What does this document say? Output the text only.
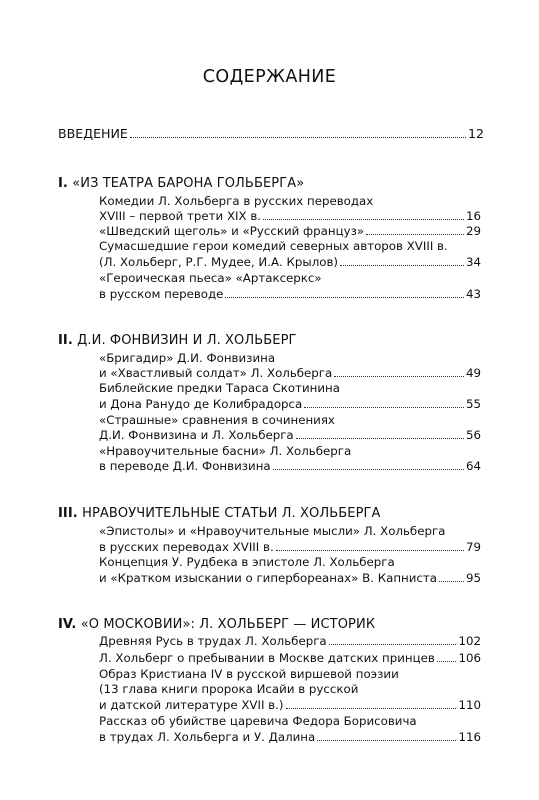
СОДЕРЖАНИЕ
ВВЕДЕНИЕ	12
I. «ИЗ ТЕАТРА БАРОНА ГОЛЬБЕРГА»
Комедии Л. Хольберга в русских переводах
XVIII – первой трети XIX в.	16
«Шведский щеголь» и «Русский француз»	29
Сумасшедшие герои комедий северных авторов XVIII в.
(Л. Хольберг, Р.Г. Мудее, И.А. Крылов)	34
«Героическая пьеса» «Артаксеркс»
в русском переводе	43
II. Д.И. ФОНВИЗИН И Л. ХОЛЬБЕРГ
«Бригадир» Д.И. Фонвизина
и «Хвастливый солдат» Л. Хольберга	49
Библейские предки Тараса Скотинина
и Дона Ранудо де Колибрадорса	55
«Страшные» сравнения в сочинениях
Д.И. Фонвизина и Л. Хольберга	56
«Нравоучительные басни» Л. Хольберга
в переводе Д.И. Фонвизина	64
III. НРАВОУЧИТЕЛЬНЫЕ СТАТЬИ Л. ХОЛЬБЕРГА
«Эпистолы» и «Нравоучительные мысли» Л. Хольберга
в русских переводах XVIII в.	79
Концепция У. Рудбека в эпистоле Л. Хольберга
и «Кратком изыскании о гипербореанах» В. Капниста 95
IV. «О МОСКОВИИ»: Л. ХОЛЬБЕРГ — ИСТОРИК
Древняя Русь в трудах Л. Хольберга	102
Л. Хольберг о пребывании в Москве датских принцев 106
Образ Кристиана IV в русской виршевой поэзии
(13 глава книги пророка Исайи в русской
и датской литературе XVII в.)	110
Рассказ об убийстве царевича Федора Борисовича
в трудах Л. Хольберга и У. Далина	116
